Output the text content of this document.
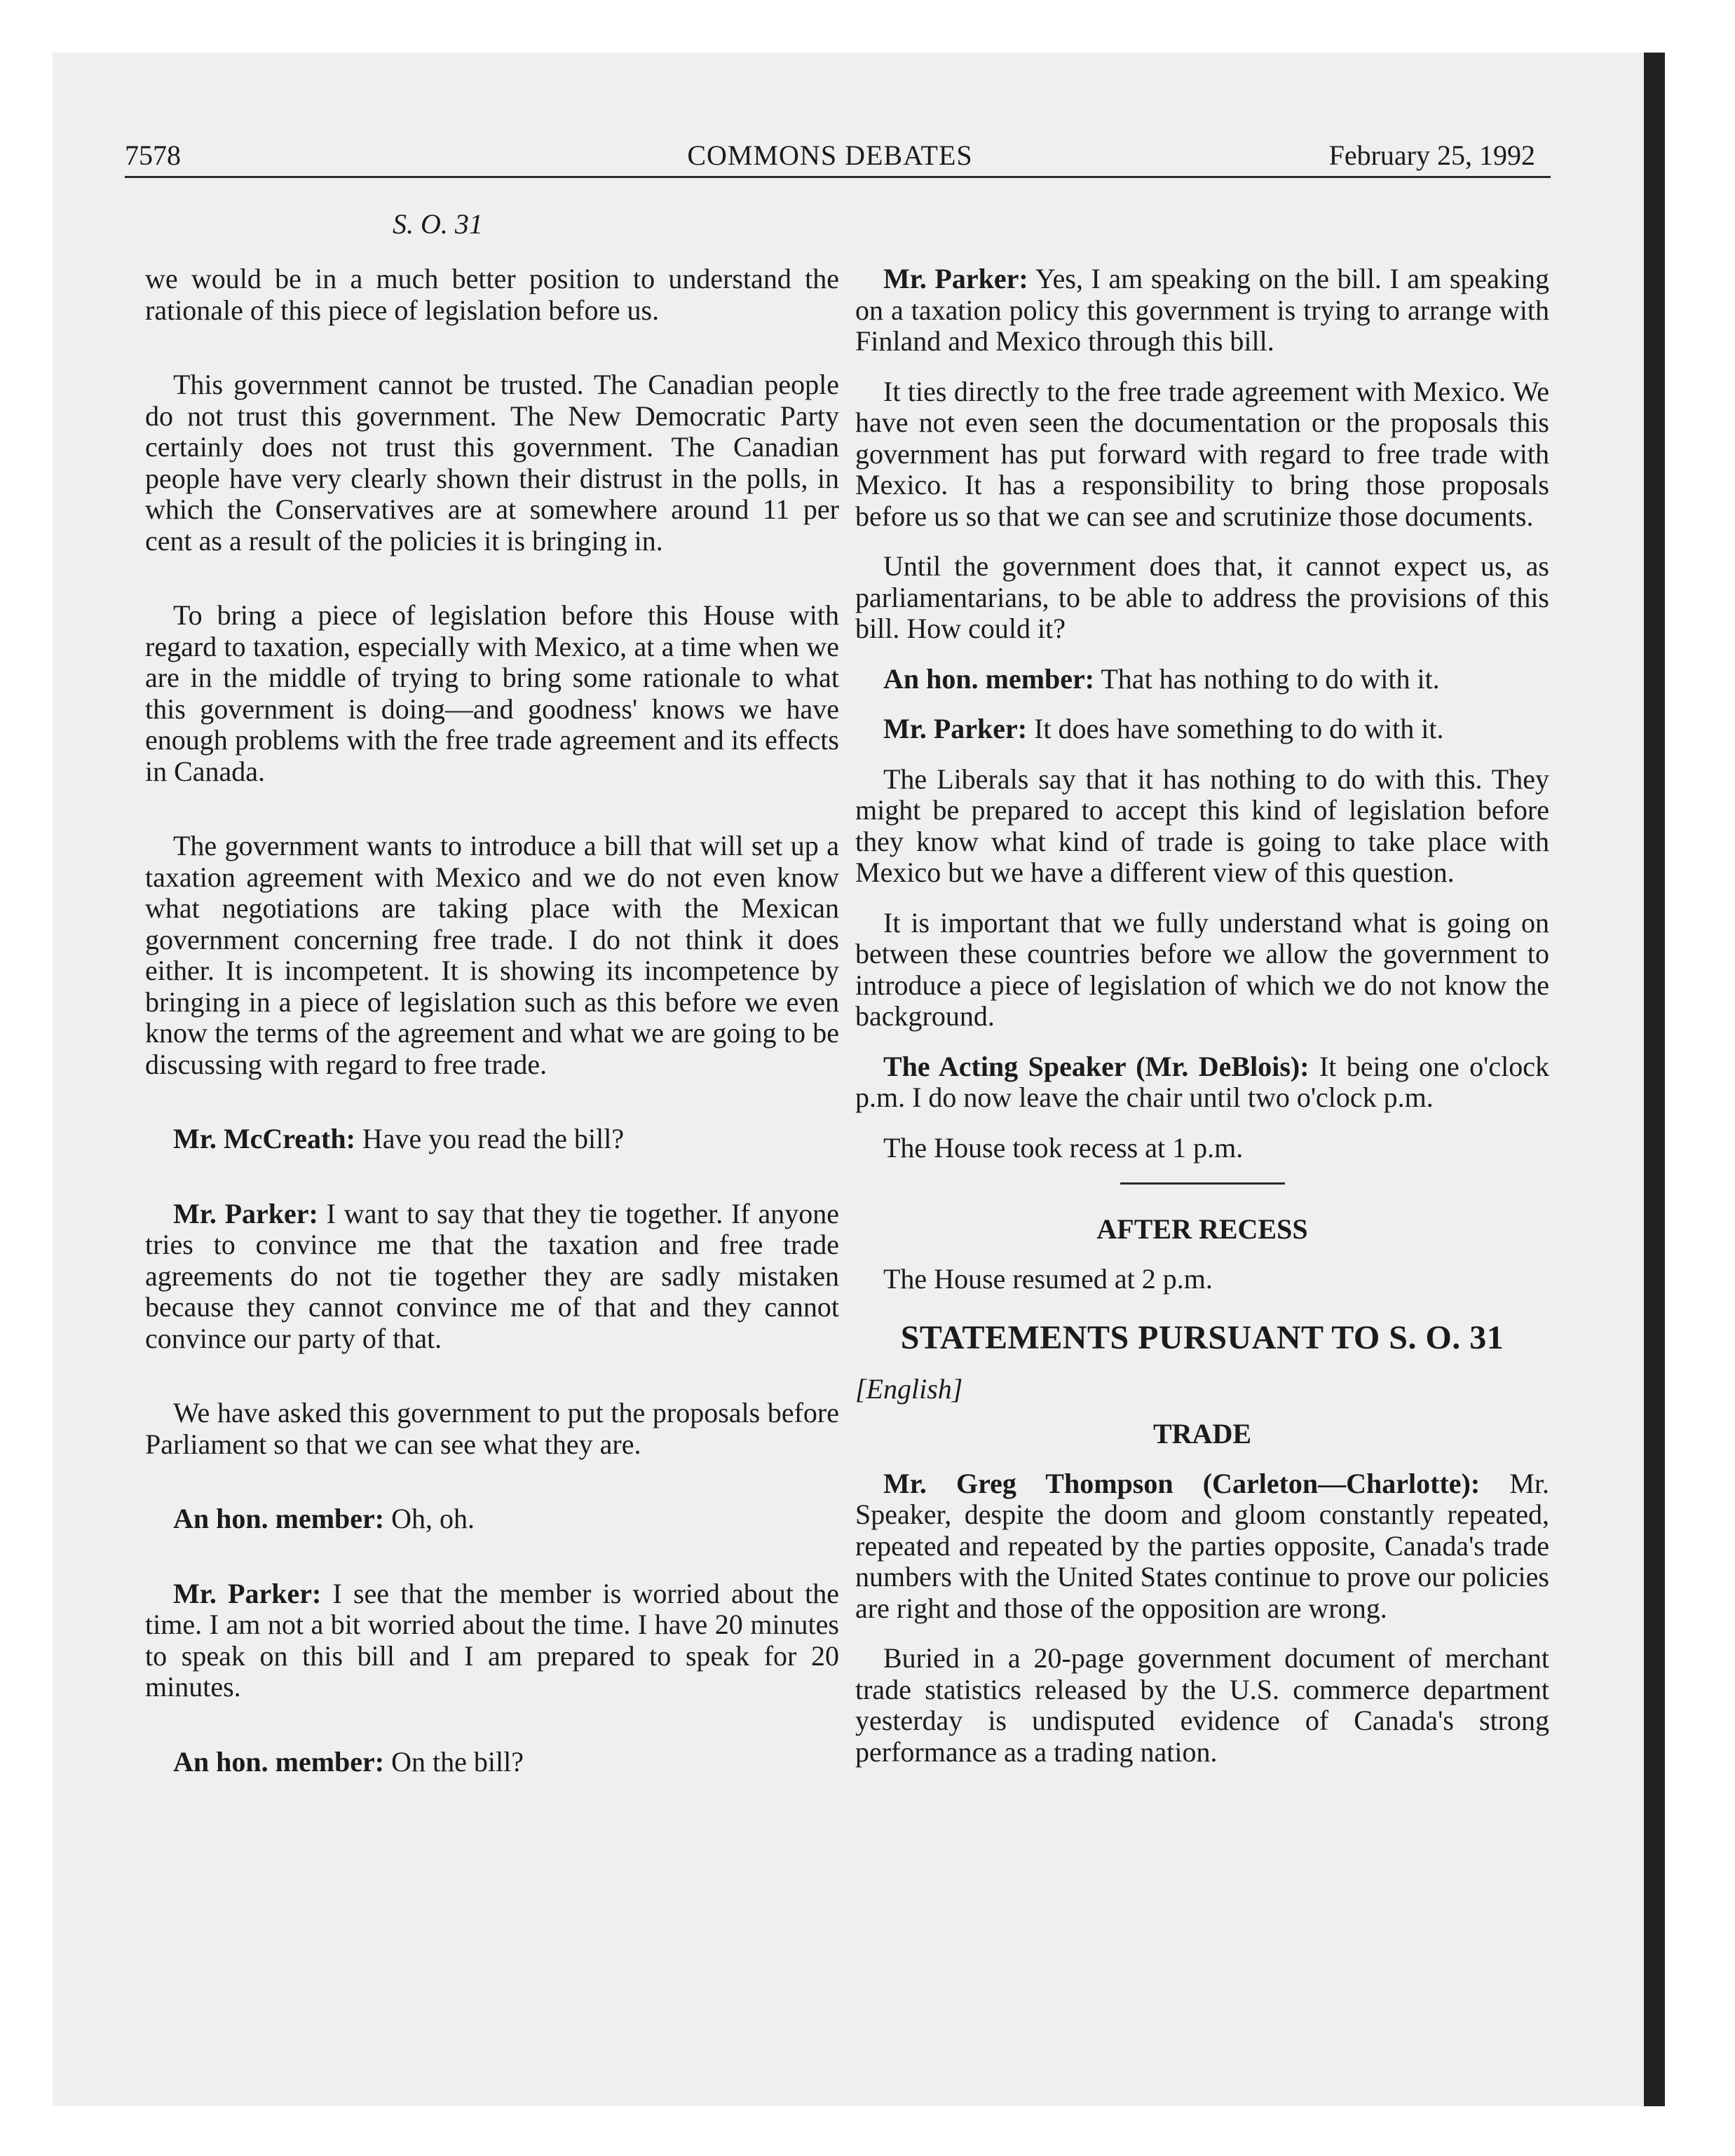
7578	COMMONS DEBATES	February 25, 1992
S. O. 31

we would be in a much better position to understand the rationale of this piece of legislation before us.

This government cannot be trusted. The Canadian people do not trust this government. The New Democratic Party certainly does not trust this government. The Canadian people have very clearly shown their distrust in the polls, in which the Conservatives are at somewhere around 11 per cent as a result of the policies it is bringing in.

To bring a piece of legislation before this House with regard to taxation, especially with Mexico, at a time when we are in the middle of trying to bring some rationale to what this government is doing—and goodness' knows we have enough problems with the free trade agreement and its effects in Canada.

The government wants to introduce a bill that will set up a taxation agreement with Mexico and we do not even know what negotiations are taking place with the Mexican government concerning free trade. I do not think it does either. It is incompetent. It is showing its incompetence by bringing in a piece of legislation such as this before we even know the terms of the agreement and what we are going to be discussing with regard to free trade.

Mr. McCreath: Have you read the bill?

Mr. Parker: I want to say that they tie together. If anyone tries to convince me that the taxation and free trade agreements do not tie together they are sadly mistaken because they cannot convince me of that and they cannot convince our party of that.

We have asked this government to put the proposals before Parliament so that we can see what they are.

An hon. member: Oh, oh.

Mr. Parker: I see that the member is worried about the time. I am not a bit worried about the time. I have 20 minutes to speak on this bill and I am prepared to speak for 20 minutes.

An hon. member: On the bill?

Mr. Parker: Yes, I am speaking on the bill. I am speaking on a taxation policy this government is trying to arrange with Finland and Mexico through this bill.

It ties directly to the free trade agreement with Mexico. We have not even seen the documentation or the proposals this government has put forward with regard to free trade with Mexico. It has a responsibility to bring those proposals before us so that we can see and scrutinize those documents.

Until the government does that, it cannot expect us, as parliamentarians, to be able to address the provisions of this bill. How could it?

An hon. member: That has nothing to do with it.

Mr. Parker: It does have something to do with it.

The Liberals say that it has nothing to do with this. They might be prepared to accept this kind of legislation before they know what kind of trade is going to take place with Mexico but we have a different view of this question.

It is important that we fully understand what is going on between these countries before we allow the government to introduce a piece of legislation of which we do not know the background.

The Acting Speaker (Mr. DeBlois): It being one o'clock p.m. I do now leave the chair until two o'clock p.m.

The House took recess at 1 p.m.

AFTER RECESS

The House resumed at 2 p.m.

STATEMENTS PURSUANT TO S. O. 31
[English]
TRADE

Mr. Greg Thompson (Carleton—Charlotte): Mr. Speaker, despite the doom and gloom constantly repeated, repeated and repeated by the parties opposite, Canada's trade numbers with the United States continue to prove our policies are right and those of the opposition are wrong.

Buried in a 20-page government document of merchant trade statistics released by the U.S. commerce department yesterday is undisputed evidence of Canada's strong performance as a trading nation.
